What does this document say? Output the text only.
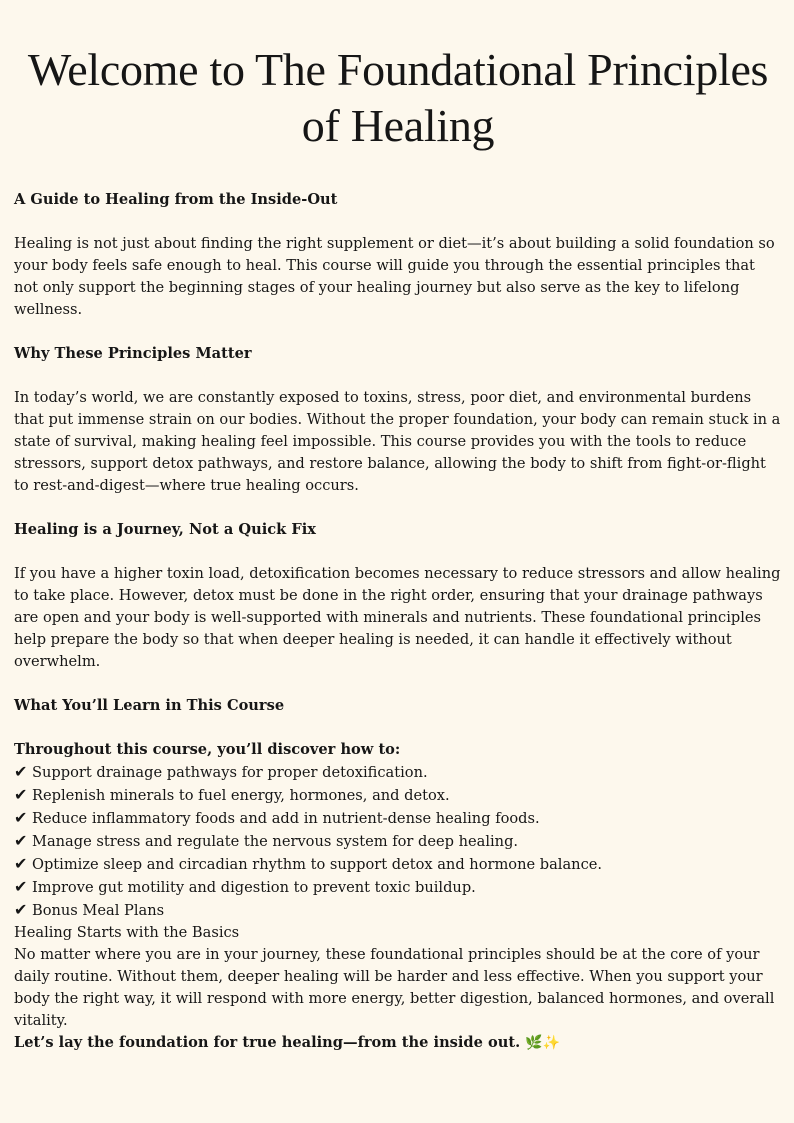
Welcome to The Foundational Principles
of Healing

A Guide to Healing from the Inside-Out

Healing is not just about finding the right supplement or diet—it’s about building a solid foundation so your body feels safe enough to heal. This course will guide you through the essential principles that not only support the beginning stages of your healing journey but also serve as the key to lifelong wellness.

Why These Principles Matter

In today’s world, we are constantly exposed to toxins, stress, poor diet, and environmental burdens that put immense strain on our bodies. Without the proper foundation, your body can remain stuck in a state of survival, making healing feel impossible. This course provides you with the tools to reduce stressors, support detox pathways, and restore balance, allowing the body to shift from fight-or-flight to rest-and-digest—where true healing occurs.

Healing is a Journey, Not a Quick Fix

If you have a higher toxin load, detoxification becomes necessary to reduce stressors and allow healing to take place. However, detox must be done in the right order, ensuring that your drainage pathways are open and your body is well-supported with minerals and nutrients. These foundational principles help prepare the body so that when deeper healing is needed, it can handle it effectively without overwhelm.

What You’ll Learn in This Course

Throughout this course, you’ll discover how to:

✔ Support drainage pathways for proper detoxification.
✔ Replenish minerals to fuel energy, hormones, and detox.
✔ Reduce inflammatory foods and add in nutrient-dense healing foods.
✔ Manage stress and regulate the nervous system for deep healing.
✔ Optimize sleep and circadian rhythm to support detox and hormone balance.
✔ Improve gut motility and digestion to prevent toxic buildup.
✔ Bonus Meal Plans

Healing Starts with the Basics

No matter where you are in your journey, these foundational principles should be at the core of your daily routine. Without them, deeper healing will be harder and less effective. When you support your body the right way, it will respond with more energy, better digestion, balanced hormones, and overall vitality.

Let’s lay the foundation for true healing—from the inside out. 🌿✨
